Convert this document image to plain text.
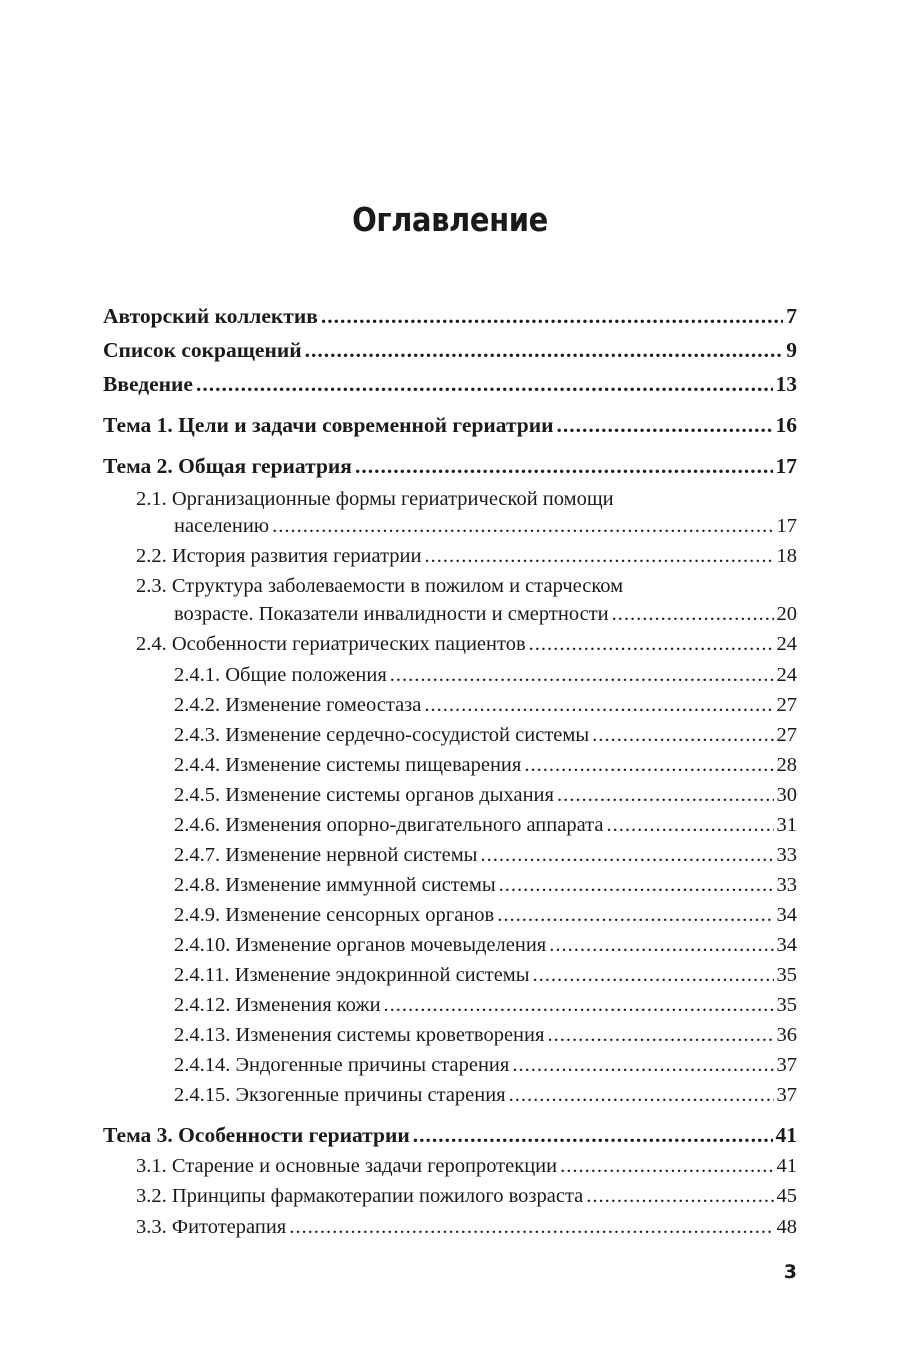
Оглавление
Авторский коллектив .....	7
Список сокращений .....	9
Введение .....	13
Тема 1. Цели и задачи современной гериатрии .....	16
Тема 2. Общая гериатрия .....	17
2.1. Организационные формы гериатрической помощи
населению .....	17
2.2. История развития гериатрии .....	18
2.3. Структура заболеваемости в пожилом и старческом
возрасте. Показатели инвалидности и смертности .....	20
2.4. Особенности гериатрических пациентов .....	24
2.4.1. Общие положения .....	24
2.4.2. Изменение гомеостаза .....	27
2.4.3. Изменение сердечно-сосудистой системы .....	27
2.4.4. Изменение системы пищеварения .....	28
2.4.5. Изменение системы органов дыхания .....	30
2.4.6. Изменения опорно-двигательного аппарата .....	31
2.4.7. Изменение нервной системы .....	33
2.4.8. Изменение иммунной системы .....	33
2.4.9. Изменение сенсорных органов .....	34
2.4.10. Изменение органов мочевыделения .....	34
2.4.11. Изменение эндокринной системы .....	35
2.4.12. Изменения кожи .....	35
2.4.13. Изменения системы кроветворения .....	36
2.4.14. Эндогенные причины старения .....	37
2.4.15. Экзогенные причины старения .....	37
Тема 3. Особенности гериатрии .....	41
3.1. Старение и основные задачи геропротекции .....	41
3.2. Принципы фармакотерапии пожилого возраста .....	45
3.3. Фитотерапия .....	48
3
